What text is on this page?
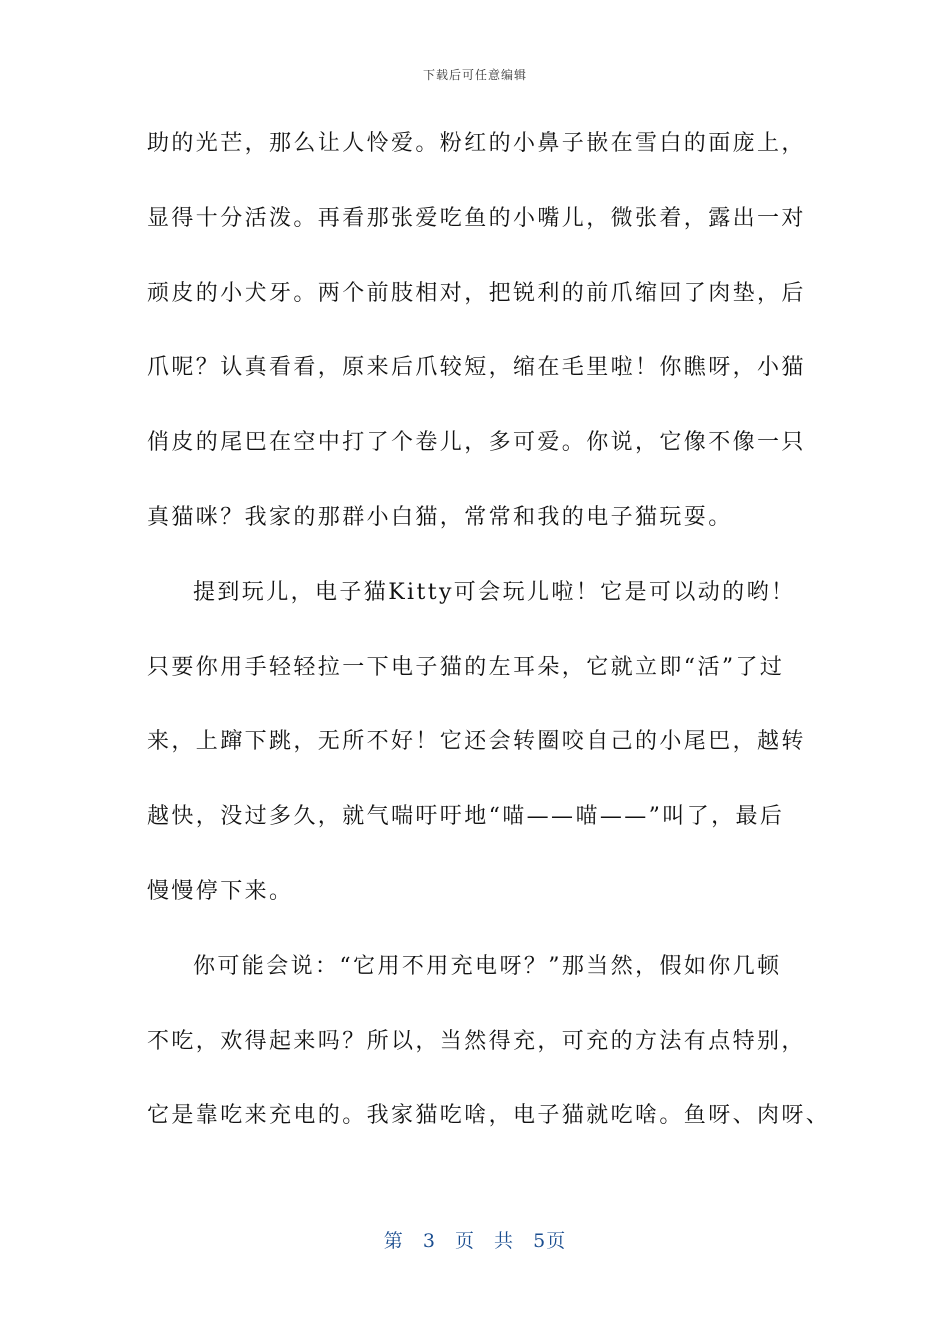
下载后可任意编辑
助的光芒，那么让人怜爱。粉红的小鼻子嵌在雪白的面庞上，
显得十分活泼。再看那张爱吃鱼的小嘴儿，微张着，露出一对
顽皮的小犬牙。两个前肢相对，把锐利的前爪缩回了肉垫，后
爪呢？认真看看，原来后爪较短，缩在毛里啦！你瞧呀，小猫
俏皮的尾巴在空中打了个卷儿，多可爱。你说，它像不像一只
真猫咪？我家的那群小白猫，常常和我的电子猫玩耍。
提到玩儿，电子猫Kitty可会玩儿啦！它是可以动的哟！
只要你用手轻轻拉一下电子猫的左耳朵，它就立即“活”了过
来，上蹿下跳，无所不好！它还会转圈咬自己的小尾巴，越转
越快，没过多久，就气喘吁吁地“喵——喵——”叫了，最后
慢慢停下来。
你可能会说：“它用不用充电呀？”那当然，假如你几顿
不吃，欢得起来吗？所以，当然得充，可充的方法有点特别，
它是靠吃来充电的。我家猫吃啥，电子猫就吃啥。鱼呀、肉呀、
第 3 页 共 5页
